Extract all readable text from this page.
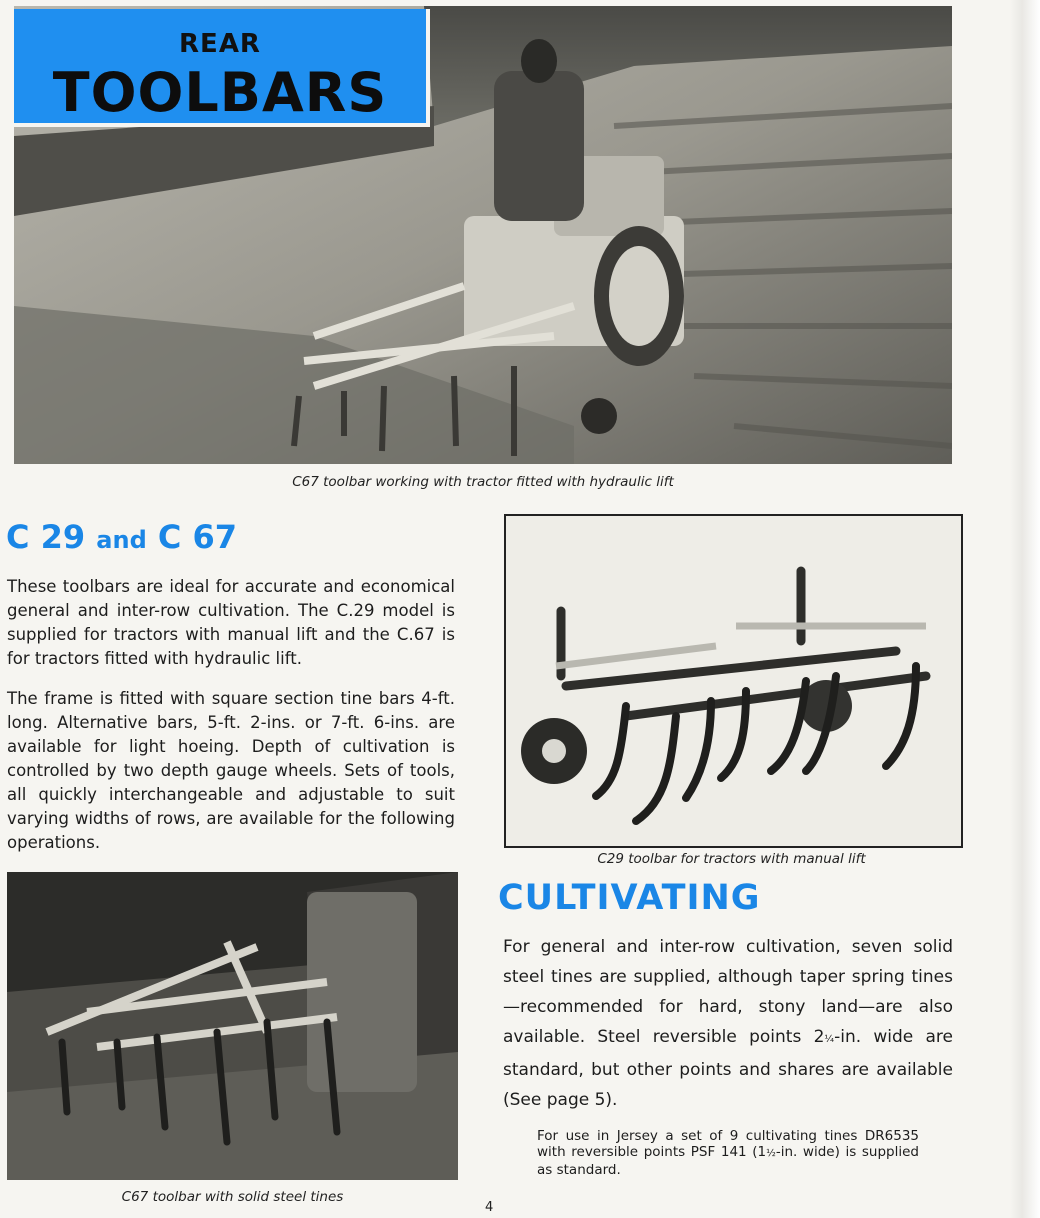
REAR
TOOLBARS
C67 toolbar working with tractor fitted with hydraulic lift
C 29 and C 67
These toolbars are ideal for accurate and economical general and inter-row cultivation. The C.29 model is supplied for tractors with manual lift and the C.67 is for tractors fitted with hydraulic lift.
The frame is fitted with square section tine bars 4-ft. long. Alternative bars, 5-ft. 2-ins. or 7-ft. 6-ins. are available for light hoeing. Depth of cultivation is controlled by two depth gauge wheels. Sets of tools, all quickly interchangeable and adjustable to suit varying widths of rows, are available for the following operations.
C29 toolbar for tractors with manual lift
CULTIVATING
For general and inter-row cultivation, seven solid steel tines are supplied, although taper spring tines—recommended for hard, stony land—are also available. Steel reversible points 2¼-in. wide are standard, but other points and shares are available (See page 5).
For use in Jersey a set of 9 cultivating tines DR6535 with reversible points PSF 141 (1½-in. wide) is supplied as standard.
C67 toolbar with solid steel tines
4
